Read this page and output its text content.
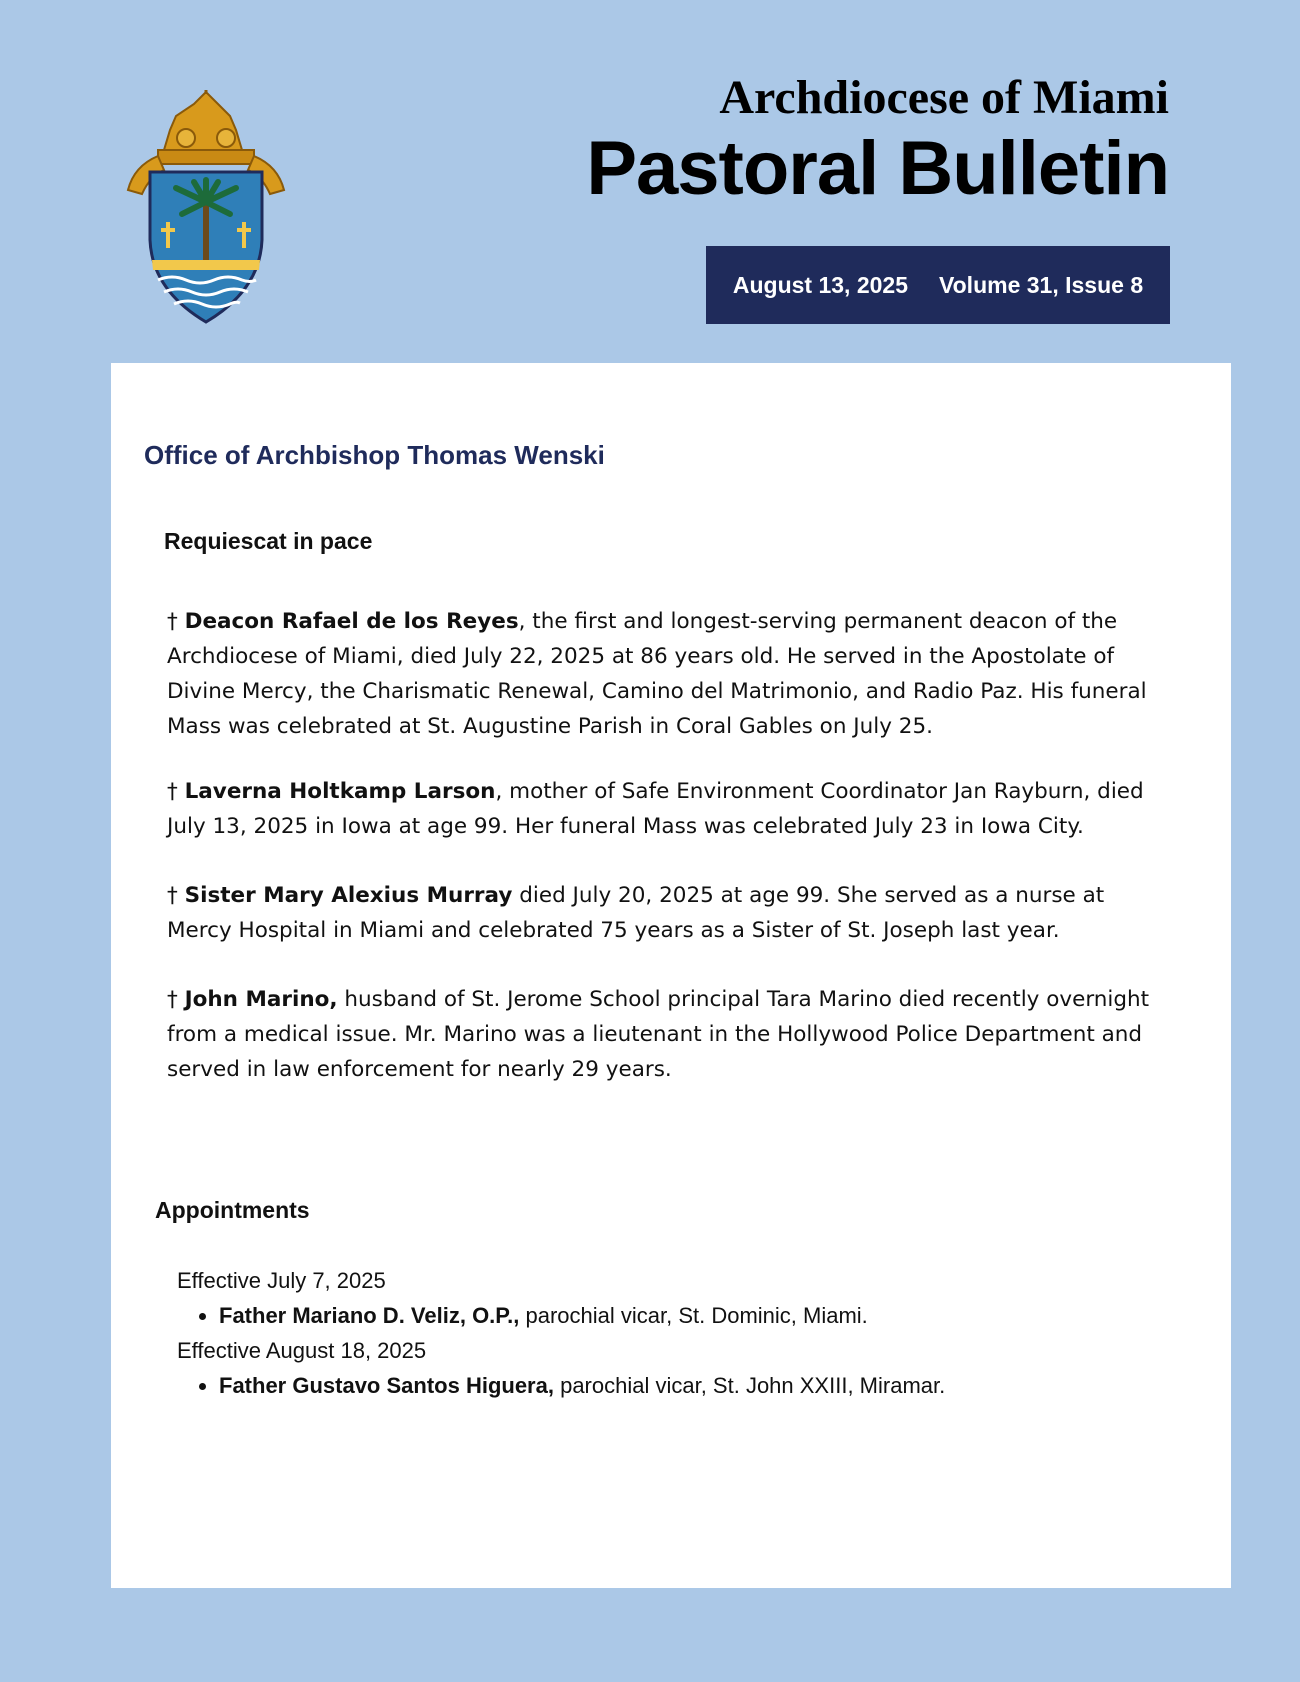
Archdiocese of Miami
Pastoral Bulletin
August 13, 2025 Volume 31, Issue 8
Office of Archbishop Thomas Wenski
Requiescat in pace
† Deacon Rafael de los Reyes, the first and longest-serving permanent deacon of the Archdiocese of Miami, died July 22, 2025 at 86 years old. He served in the Apostolate of Divine Mercy, the Charismatic Renewal, Camino del Matrimonio, and Radio Paz. His funeral Mass was celebrated at St. Augustine Parish in Coral Gables on July 25.
† Laverna Holtkamp Larson, mother of Safe Environment Coordinator Jan Rayburn, died July 13, 2025 in Iowa at age 99. Her funeral Mass was celebrated July 23 in Iowa City.
† Sister Mary Alexius Murray died July 20, 2025 at age 99. She served as a nurse at Mercy Hospital in Miami and celebrated 75 years as a Sister of St. Joseph last year.
† John Marino, husband of St. Jerome School principal Tara Marino died recently overnight from a medical issue. Mr. Marino was a lieutenant in the Hollywood Police Department and served in law enforcement for nearly 29 years.
Appointments

Effective July 7, 2025

• Father Mariano D. Veliz, O.P., parochial vicar, St. Dominic, Miami.

Effective August 18, 2025

• Father Gustavo Santos Higuera, parochial vicar, St. John XXIII, Miramar.
